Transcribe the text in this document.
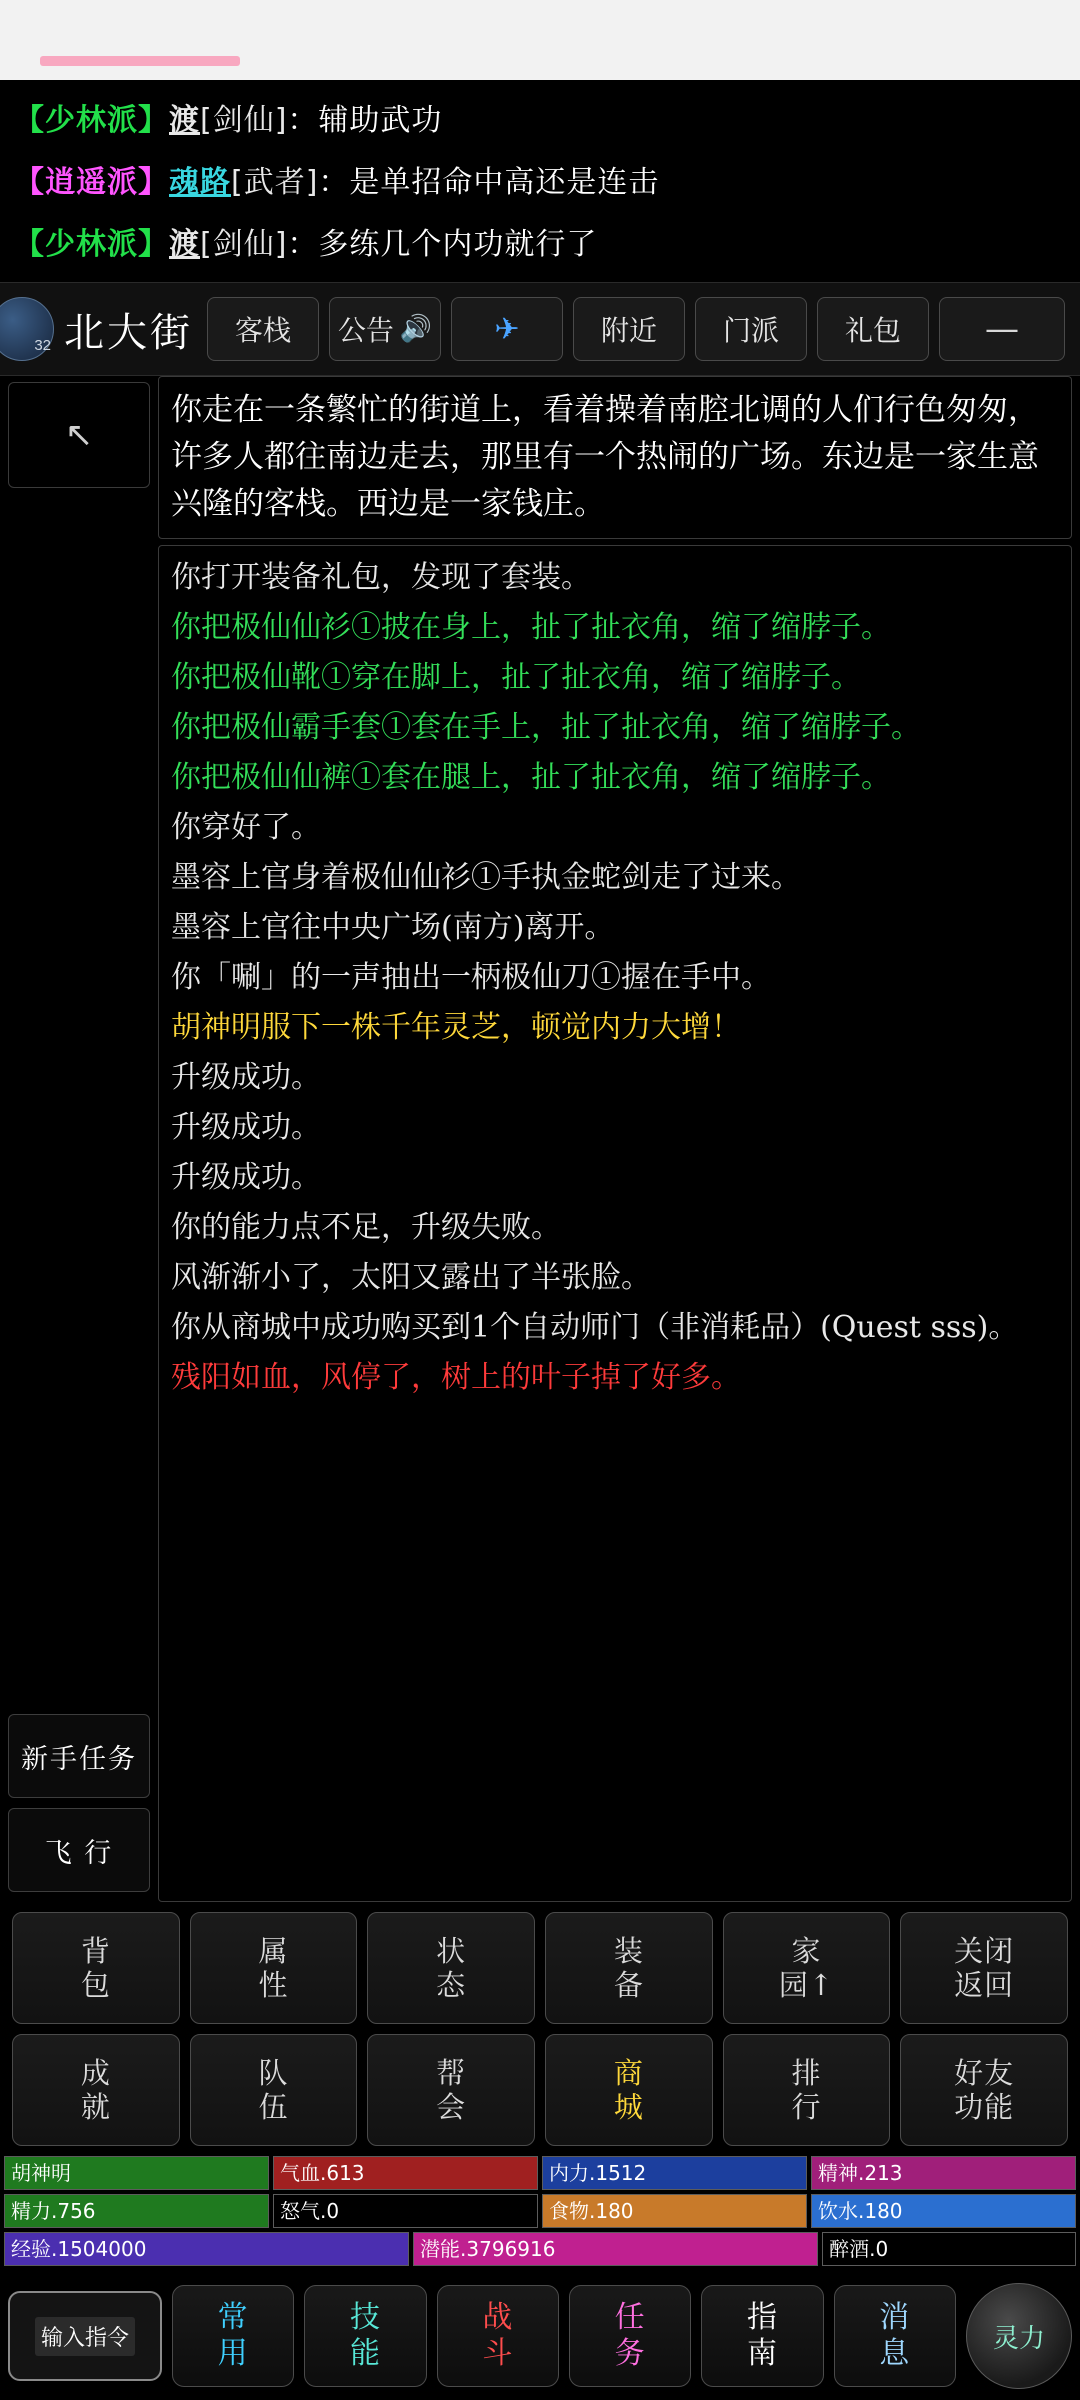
【少林派】渡[剑仙]：辅助武功
【逍遥派】魂路[武者]：是单招命中高还是连击
【少林派】渡[剑仙]：多练几个内功就行了
32 北大街 客栈 公告 🔊 ✈	附近 门派 礼包 —
↖
新手任务
飞 行
你走在一条繁忙的街道上，看着操着南腔北调的人们行色匆匆，许多人都往南边走去，那里有一个热闹的广场。东边是一家生意兴隆的客栈。西边是一家钱庄。
你打开装备礼包，发现了套装。
你把极仙仙衫①披在身上，扯了扯衣角，缩了缩脖子。
你把极仙靴①穿在脚上，扯了扯衣角，缩了缩脖子。
你把极仙霸手套①套在手上，扯了扯衣角，缩了缩脖子。
你把极仙仙裤①套在腿上，扯了扯衣角，缩了缩脖子。
你穿好了。
墨容上官身着极仙仙衫①手执金蛇剑走了过来。
墨容上官往中央广场(南方)离开。
你「唰」的一声抽出一柄极仙刀①握在手中。
胡神明服下一株千年灵芝，顿觉内力大增！
升级成功。
升级成功。
升级成功。
你的能力点不足，升级失败。
风渐渐小了，太阳又露出了半张脸。
你从商城中成功购买到1个自动师门（非消耗品）(Quest sss)。
残阳如血，风停了，树上的叶子掉了好多。
背
包
属
性
状
态
装
备
家
园↑
关闭
返回
成
就
队
伍
帮
会
商
城
排
行
好友
功能
胡神明	气血.613	内力.1512	精神.213
精力.756	怒气.0	食物.180	饮水.180
经验.1504000	潜能.3796916	醉酒.0
输入指令
常
用
技
能
战
斗
任
务
指
南
消
息	灵力
